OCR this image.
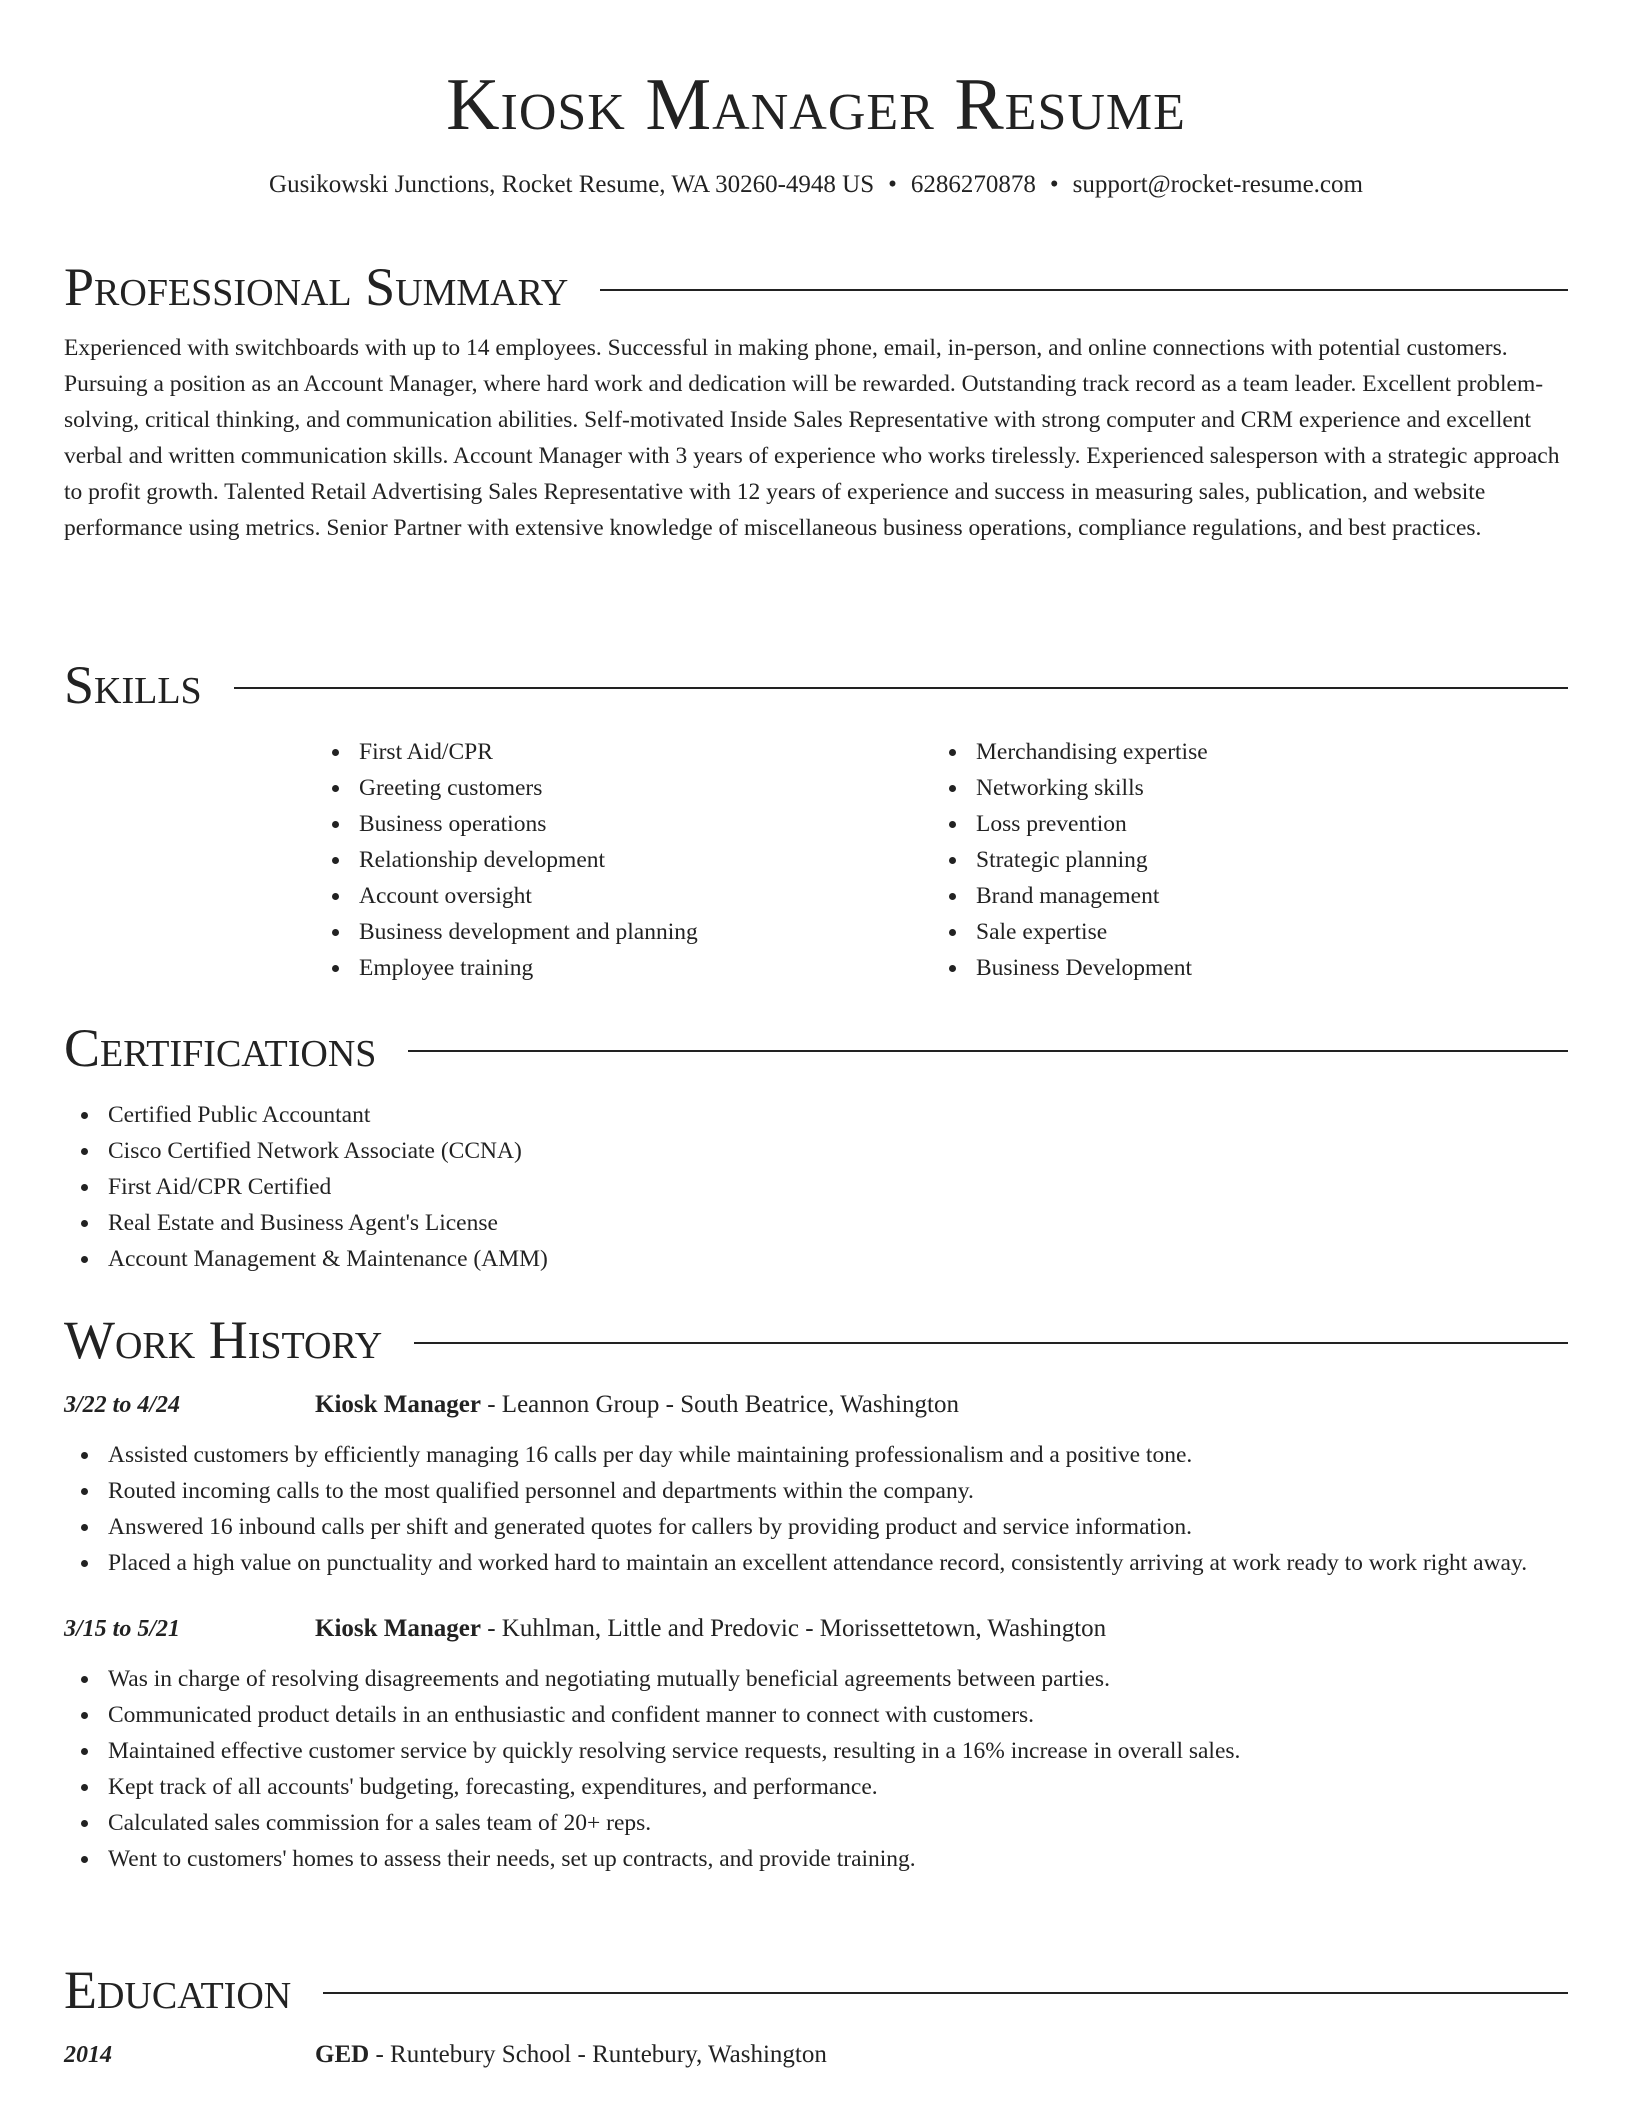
Kiosk Manager Resume
Gusikowski Junctions, Rocket Resume, WA 30260-4948 US • 6286270878 • support@rocket-resume.com
Professional Summary

Experienced with switchboards with up to 14 employees. Successful in making phone, email, in-person, and online connections with potential customers. Pursuing a position as an Account Manager, where hard work and dedication will be rewarded. Outstanding track record as a team leader. Excellent problem-solving, critical thinking, and communication abilities. Self-motivated Inside Sales Representative with strong computer and CRM experience and excellent verbal and written communication skills. Account Manager with 3 years of experience who works tirelessly. Experienced salesperson with a strategic approach to profit growth. Talented Retail Advertising Sales Representative with 12 years of experience and success in measuring sales, publication, and website performance using metrics. Senior Partner with extensive knowledge of miscellaneous business operations, compliance regulations, and best practices.

Skills
First Aid/CPR
Greeting customers
Business operations
Relationship development
Account oversight
Business development and planning
Employee training
Merchandising expertise
Networking skills
Loss prevention
Strategic planning
Brand management
Sale expertise
Business Development
Certifications
Certified Public Accountant
Cisco Certified Network Associate (CCNA)
First Aid/CPR Certified
Real Estate and Business Agent's License
Account Management & Maintenance (AMM)
Work History
3/22 to 4/24	Kiosk Manager - Leannon Group - South Beatrice, Washington
Assisted customers by efficiently managing 16 calls per day while maintaining professionalism and a positive tone.
Routed incoming calls to the most qualified personnel and departments within the company.
Answered 16 inbound calls per shift and generated quotes for callers by providing product and service information.
Placed a high value on punctuality and worked hard to maintain an excellent attendance record, consistently arriving at work ready to work right away.
3/15 to 5/21	Kiosk Manager - Kuhlman, Little and Predovic - Morissettetown, Washington
Was in charge of resolving disagreements and negotiating mutually beneficial agreements between parties.
Communicated product details in an enthusiastic and confident manner to connect with customers.
Maintained effective customer service by quickly resolving service requests, resulting in a 16% increase in overall sales.
Kept track of all accounts' budgeting, forecasting, expenditures, and performance.
Calculated sales commission for a sales team of 20+ reps.
Went to customers' homes to assess their needs, set up contracts, and provide training.
Education
2014	GED - Runtebury School - Runtebury, Washington
